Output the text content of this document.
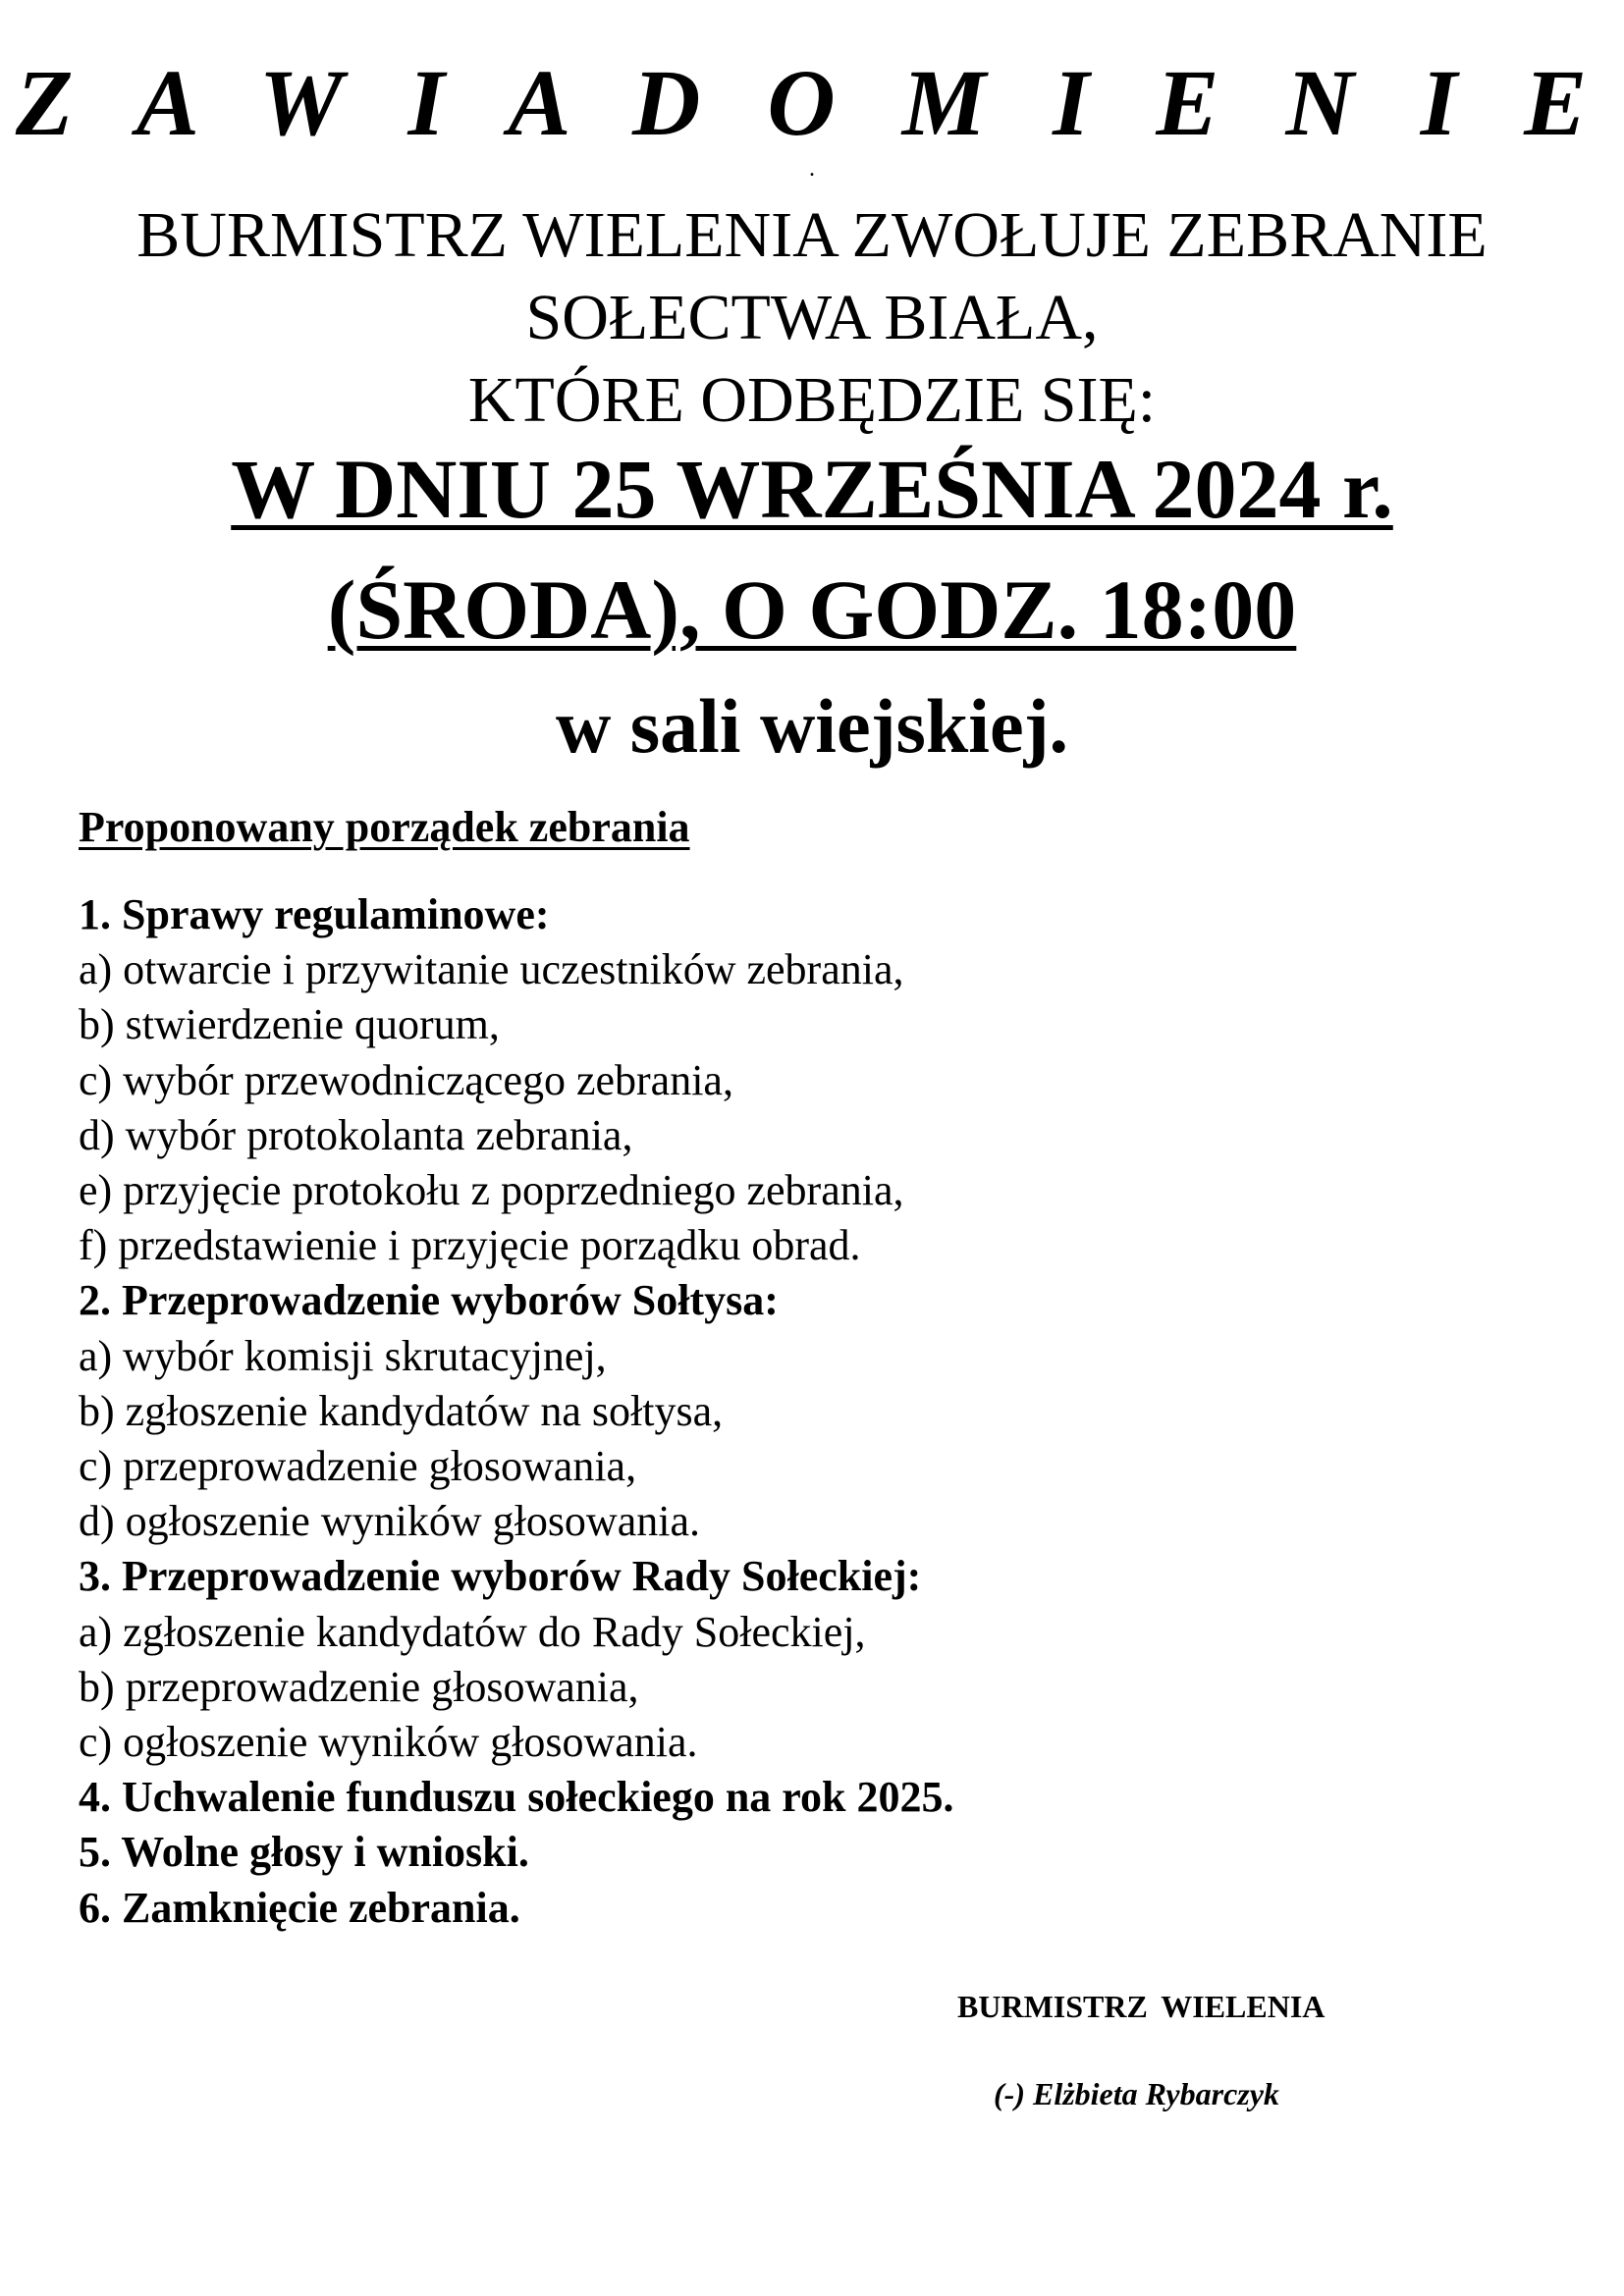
Z A W I A D O M I E N I E
.
BURMISTRZ WIELENIA ZWOŁUJE ZEBRANIE
SOŁECTWA BIAŁA,
KTÓRE ODBĘDZIE SIĘ:
W DNIU 25 WRZEŚNIA 2024 r.
(ŚRODA), O GODZ. 18:00
w sali wiejskiej.
Proponowany porządek zebrania
1. Sprawy regulaminowe:
a) otwarcie i przywitanie uczestników zebrania,
b) stwierdzenie quorum,
c) wybór przewodniczącego zebrania,
d) wybór protokolanta zebrania,
e) przyjęcie protokołu z poprzedniego zebrania,
f) przedstawienie i przyjęcie porządku obrad.
2. Przeprowadzenie wyborów Sołtysa:
a) wybór komisji skrutacyjnej,
b) zgłoszenie kandydatów na sołtysa,
c) przeprowadzenie głosowania,
d) ogłoszenie wyników głosowania.
3. Przeprowadzenie wyborów Rady Sołeckiej:
a) zgłoszenie kandydatów do Rady Sołeckiej,
b) przeprowadzenie głosowania,
c) ogłoszenie wyników głosowania.
4. Uchwalenie funduszu sołeckiego na rok 2025.
5. Wolne głosy i wnioski.
6. Zamknięcie zebrania.
BURMISTRZ WIELENIA
(-) Elżbieta Rybarczyk
